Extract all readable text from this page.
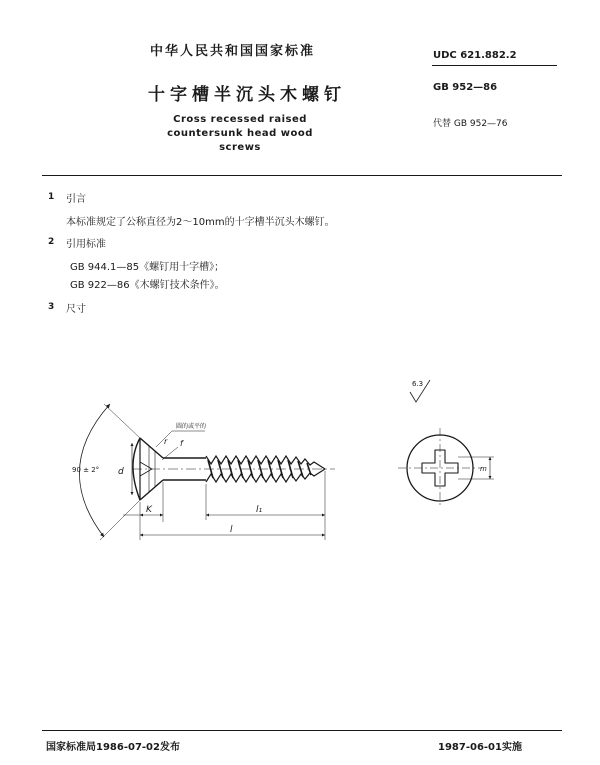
中华人民共和国国家标准	UDC 621.882.2
十字槽半沉头木螺钉	GB 952—86
Cross recessed raised countersunk head wood screws
代替 GB 952—76
1 引言
本标准规定了公称直径为2～10mm的十字槽半沉头木螺钉。
2 引用标准
GB 944.1—85《螺钉用十字槽》；
GB 922—86《木螺钉技术条件》。
3 尺寸
90 ± 2° d
K	l₁
l
圆的或平的
r f
6.3
m
国家标准局1986-07-02发布	1987-06-01实施
